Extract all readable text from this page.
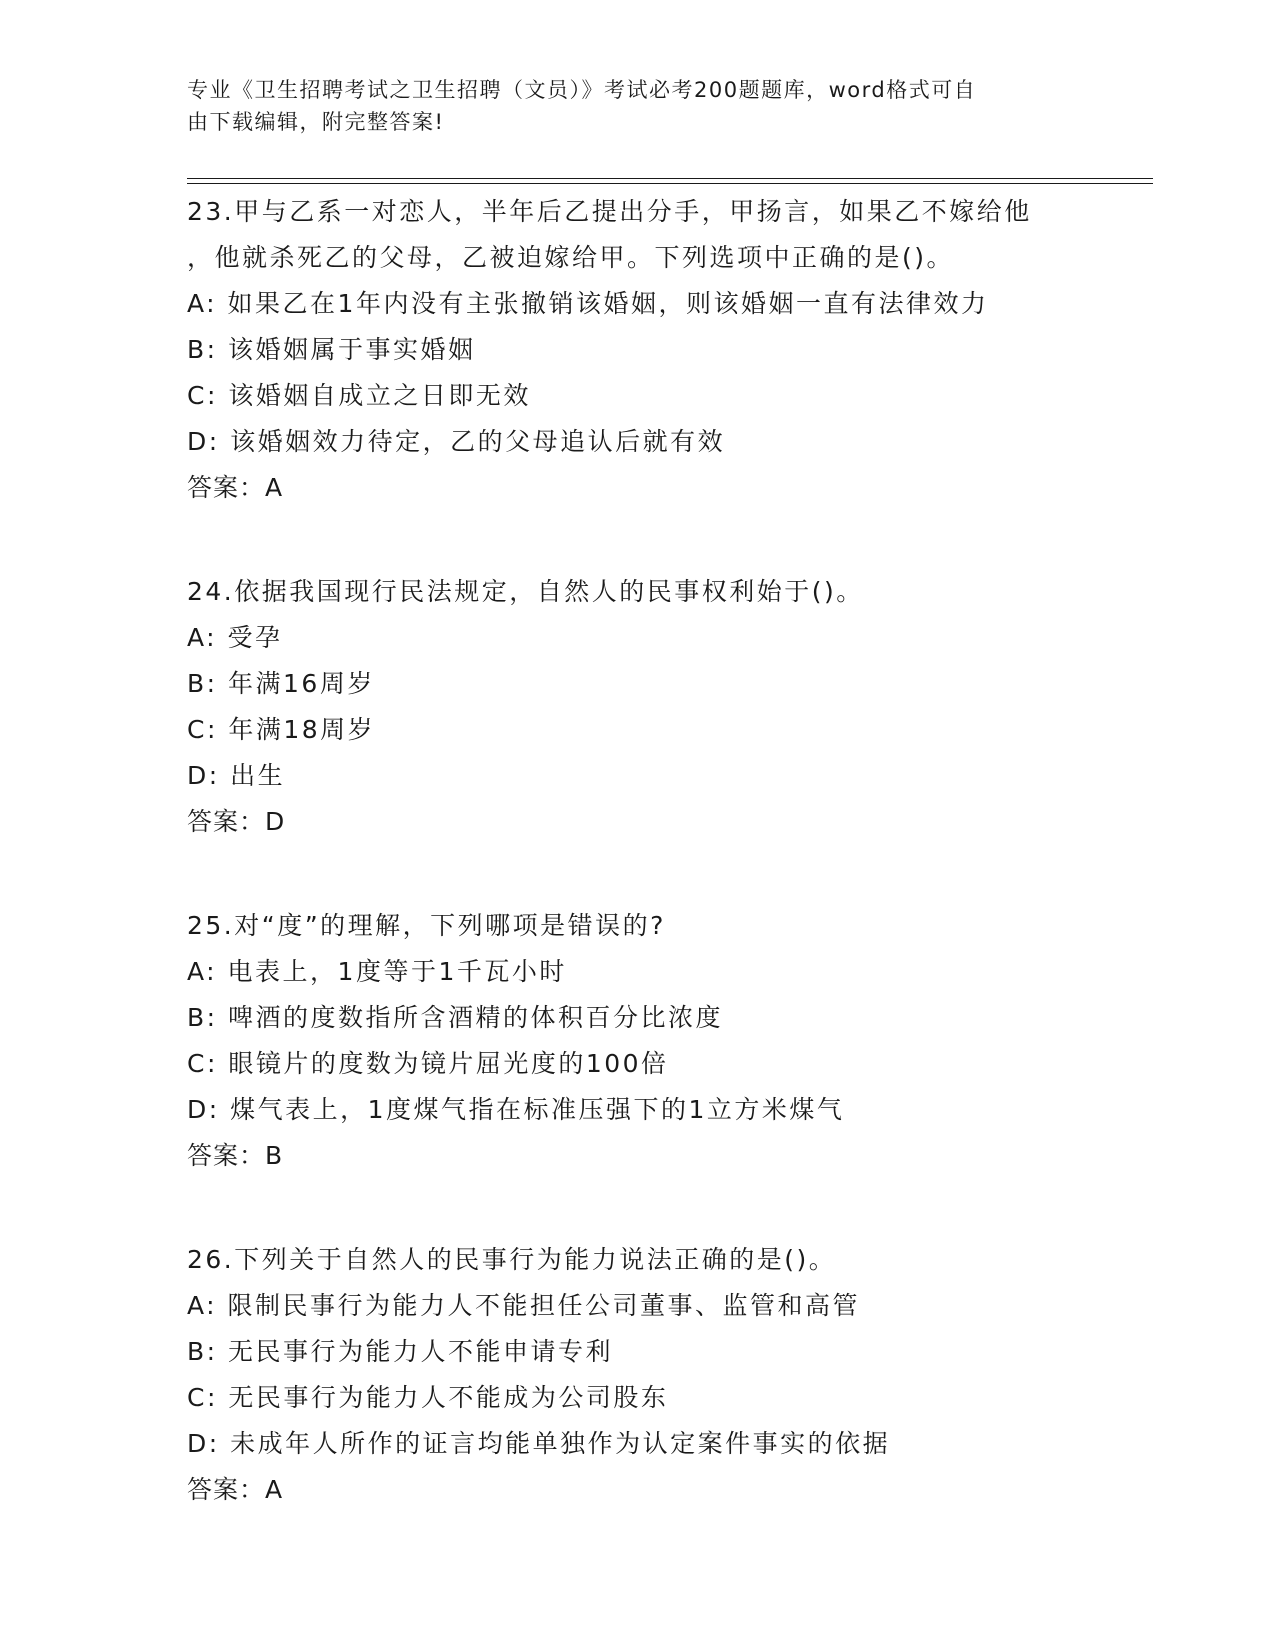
专业《卫生招聘考试之卫生招聘（文员）》考试必考200题题库，word格式可自
由下载编辑，附完整答案!
23.甲与乙系一对恋人，半年后乙提出分手，甲扬言，如果乙不嫁给他
，他就杀死乙的父母，乙被迫嫁给甲。下列选项中正确的是()。
A: 如果乙在1年内没有主张撤销该婚姻，则该婚姻一直有法律效力
B: 该婚姻属于事实婚姻
C: 该婚姻自成立之日即无效
D: 该婚姻效力待定，乙的父母追认后就有效
答案：A
24.依据我国现行民法规定，自然人的民事权利始于()。
A: 受孕
B: 年满16周岁
C: 年满18周岁
D: 出生
答案：D
25.对“度”的理解，下列哪项是错误的?
A: 电表上，1度等于1千瓦小时
B: 啤酒的度数指所含酒精的体积百分比浓度
C: 眼镜片的度数为镜片屈光度的100倍
D: 煤气表上，1度煤气指在标准压强下的1立方米煤气
答案：B
26.下列关于自然人的民事行为能力说法正确的是()。
A: 限制民事行为能力人不能担任公司董事、监管和高管
B: 无民事行为能力人不能申请专利
C: 无民事行为能力人不能成为公司股东
D: 未成年人所作的证言均能单独作为认定案件事实的依据
答案：A
